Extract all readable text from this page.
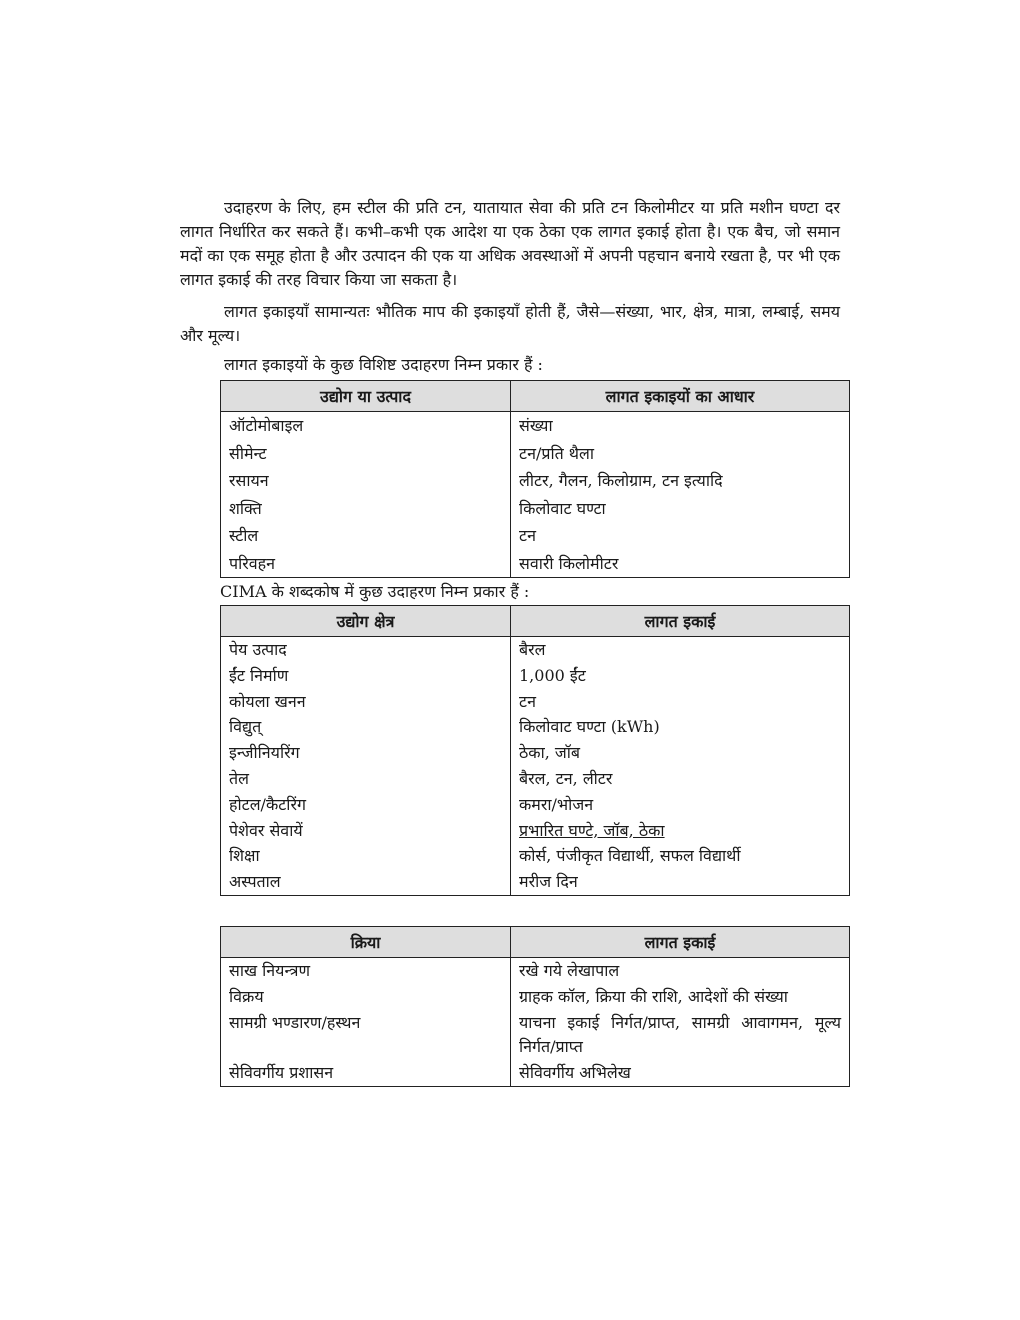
उदाहरण के लिए, हम स्टील की प्रति टन, यातायात सेवा की प्रति टन किलोमीटर या प्रति मशीन घण्टा दर लागत निर्धारित कर सकते हैं। कभी–कभी एक आदेश या एक ठेका एक लागत इकाई होता है। एक बैच, जो समान मदों का एक समूह होता है और उत्पादन की एक या अधिक अवस्थाओं में अपनी पहचान बनाये रखता है, पर भी एक लागत इकाई की तरह विचार किया जा सकता है।

लागत इकाइयाँ सामान्यतः भौतिक माप की इकाइयाँ होती हैं, जैसे—संख्या, भार, क्षेत्र, मात्रा, लम्बाई, समय और मूल्य।

लागत इकाइयों के कुछ विशिष्ट उदाहरण निम्न प्रकार हैं :

उद्योग या उत्पाद	लागत इकाइयों का आधार
ऑटोमोबाइल	संख्या
सीमेन्ट	टन/प्रति थैला
रसायन	लीटर, गैलन, किलोग्राम, टन इत्यादि
शक्ति	किलोवाट घण्टा
स्टील	टन
परिवहन	सवारी किलोमीटर

CIMA के शब्दकोष में कुछ उदाहरण निम्न प्रकार हैं :

उद्योग क्षेत्र	लागत इकाई
पेय उत्पाद	बैरल
ईंट निर्माण	1,000 ईंट
कोयला खनन	टन
विद्युत्	किलोवाट घण्टा (kWh)
इन्जीनियरिंग	ठेका, जॉब
तेल	बैरल, टन, लीटर
होटल/कैटरिंग	कमरा/भोजन
पेशेवर सेवायें	प्रभारित घण्टे, जॉब, ठेका
शिक्षा	कोर्स, पंजीकृत विद्यार्थी, सफल विद्यार्थी
अस्पताल	मरीज दिन
क्रिया	लागत इकाई
साख नियन्त्रण	रखे गये लेखापाल
विक्रय	ग्राहक कॉल, क्रिया की राशि, आदेशों की संख्या
सामग्री भण्डारण/हस्थन	याचना इकाई निर्गत/प्राप्त, सामग्री आवागमन, मूल्य निर्गत/प्राप्त
सेविवर्गीय प्रशासन	सेविवर्गीय अभिलेख
